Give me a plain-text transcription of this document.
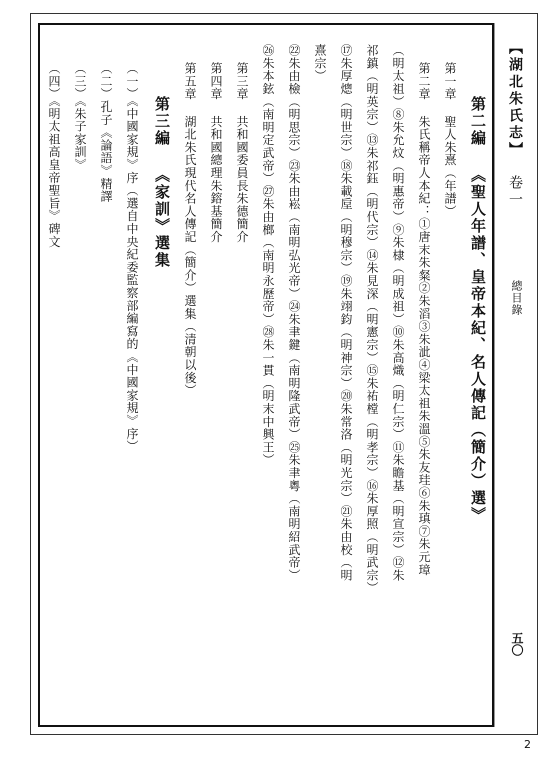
【湖北朱氏志】
卷一
總目錄
五〇
第二編 《聖人年譜、皇帝本紀、名人傳記（簡介）選》
第一章 聖人朱熹（年譜）
第二章 朱氏稱帝人本紀：①唐末朱粲②朱滔③朱泚④梁太祖朱溫⑤朱友珪⑥朱瑱⑦朱元璋
（明太祖）⑧朱允炆（明惠帝）⑨朱棣（明成祖）⑩朱高熾（明仁宗）⑪朱瞻基（明宣宗）⑫朱
祁鎮（明英宗）⑬朱祁鈺（明代宗）⑭朱見深（明憲宗）⑮朱祐樘（明孝宗）⑯朱厚照（明武宗）
⑰朱厚熜（明世宗）⑱朱載垕（明穆宗）⑲朱翊鈞（明神宗）⑳朱常洛（明光宗）㉑朱由校（明
熹宗）
㉒朱由檢（明思宗）㉓朱由崧（南明弘光帝）㉔朱聿鍵（南明隆武帝）㉕朱聿粵（南明紹武帝）
㉖朱本鉉（南明定武帝）㉗朱由榔（南明永歷帝）㉘朱一貫（明末中興王）
第三章 共和國委員長朱德簡介
第四章 共和國總理朱鎔基簡介
第五章 湖北朱氏現代名人傳記（簡介）選集（清朝以後）
第三編 《家訓》選集
（一）《中國家規》序（選自中央紀委監察部編寫的《中國家規》序）
（二）孔子《論語》精譯
（三）《朱子家訓》
（四）《明太祖高皇帝聖旨》碑文
2
